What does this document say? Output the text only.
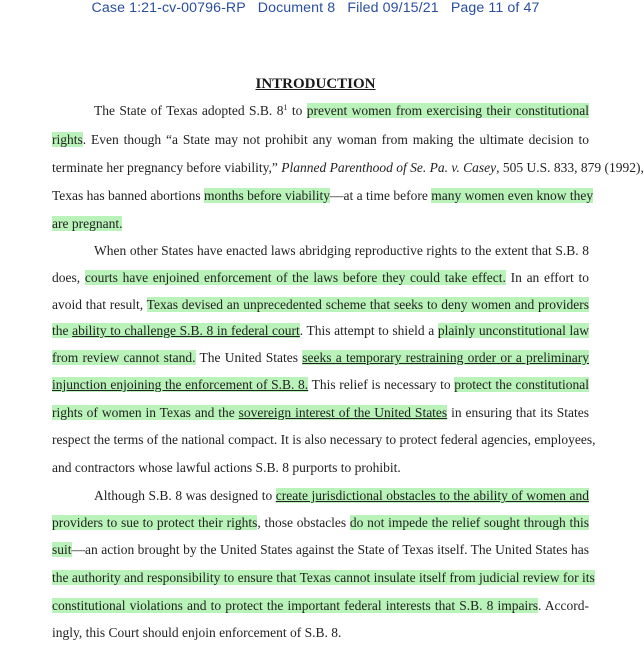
Case 1:21-cv-00796-RP Document 8 Filed 09/15/21 Page 11 of 47
INTRODUCTION
The State of Texas adopted S.B. $8^1$ to prevent women from exercising their constitutional
rights. Even though “a State may not prohibit any woman from making the ultimate decision to
terminate her pregnancy before viability,” Planned Parenthood of Se. Pa. v. Casey, 505 U.S. 833, 879 (1992),
Texas has banned abortions months before viability—at a time before many women even know they
are pregnant.
When other States have enacted laws abridging reproductive rights to the extent that S.B. 8
does, courts have enjoined enforcement of the laws before they could take effect. In an effort to
avoid that result, Texas devised an unprecedented scheme that seeks to deny women and providers
the ability to challenge S.B. 8 in federal court. This attempt to shield a plainly unconstitutional law
from review cannot stand. The United States seeks a temporary restraining order or a preliminary
injunction enjoining the enforcement of S.B. 8. This relief is necessary to protect the constitutional
rights of women in Texas and the sovereign interest of the United States in ensuring that its States
respect the terms of the national compact. It is also necessary to protect federal agencies, employees,
and contractors whose lawful actions S.B. 8 purports to prohibit.
Although S.B. 8 was designed to create jurisdictional obstacles to the ability of women and
providers to sue to protect their rights, those obstacles do not impede the relief sought through this
suit—an action brought by the United States against the State of Texas itself. The United States has
the authority and responsibility to ensure that Texas cannot insulate itself from judicial review for its
constitutional violations and to protect the important federal interests that S.B. 8 impairs. Accord-
ingly, this Court should enjoin enforcement of S.B. 8.
